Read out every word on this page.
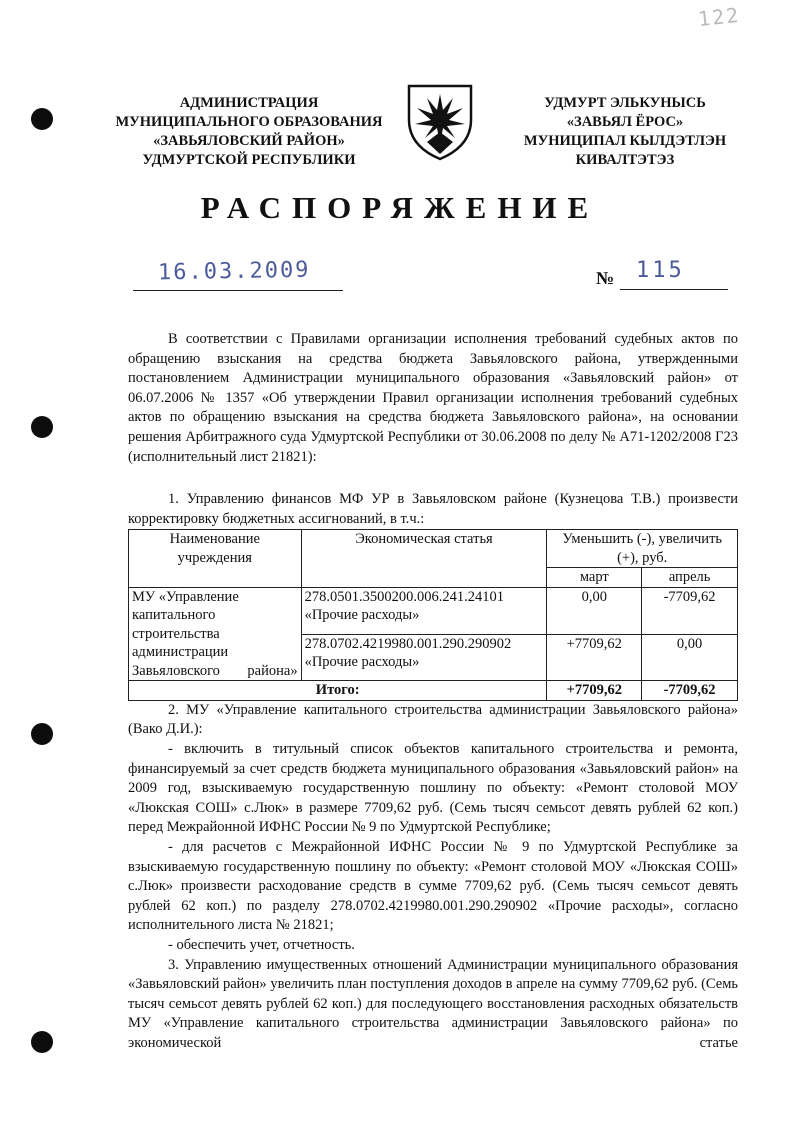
122
АДМИНИСТРАЦИЯ
МУНИЦИПАЛЬНОГО ОБРАЗОВАНИЯ
«ЗАВЬЯЛОВСКИЙ РАЙОН»
УДМУРТСКОЙ РЕСПУБЛИКИ
УДМУРТ ЭЛЬКУНЫСЬ
«ЗАВЬЯЛ ЁРОС»
МУНИЦИПАЛ КЫЛДЭТЛЭН
КИВАЛТЭТЭЗ
РАСПОРЯЖЕНИЕ
16.03.2009	№ 115

В соответствии с Правилами организации исполнения требований судебных актов по обращению взыскания на средства бюджета Завьяловского района, утвержденными постановлением Администрации муниципального образования «Завьяловский район» от 06.07.2006 № 1357 «Об утверждении Правил организации исполнения требований судебных актов по обращению взыскания на средства бюджета Завьяловского района», на основании решения Арбитражного суда Удмуртской Республики от 30.06.2008 по делу № А71-1202/2008 Г23 (исполнительный лист 21821):

1. Управлению финансов МФ УР в Завьяловском районе (Кузнецова Т.В.) произвести корректировку бюджетных ассигнований, в т.ч.:

Наименование учреждения	Экономическая статья	Уменьшить (-), увеличить (+), руб.	
		март	апрель
МУ «Управление капитального строительства администрации Завьяловского района»	278.0501.3500200.006.241.24101 «Прочие расходы»	0,00	-7709,62
	278.0702.4219980.001.290.290902 «Прочие расходы»	+7709,62	0,00
Итого:		+7709,62	-7709,62

2. МУ «Управление капитального строительства администрации Завьяловского района» (Вако Д.И.):

- включить в титульный список объектов капитального строительства и ремонта, финансируемый за счет средств бюджета муниципального образования «Завьяловский район» на 2009 год, взыскиваемую государственную пошлину по объекту: «Ремонт столовой МОУ «Люкская СОШ» с.Люк» в размере 7709,62 руб. (Семь тысяч семьсот девять рублей 62 коп.) перед Межрайонной ИФНС России № 9 по Удмуртской Республике;

- для расчетов с Межрайонной ИФНС России № 9 по Удмуртской Республике за взыскиваемую государственную пошлину по объекту: «Ремонт столовой МОУ «Люкская СОШ» с.Люк» произвести расходование средств в сумме 7709,62 руб. (Семь тысяч семьсот девять рублей 62 коп.) по разделу 278.0702.4219980.001.290.290902 «Прочие расходы», согласно исполнительного листа № 21821;

- обеспечить учет, отчетность.

3. Управлению имущественных отношений Администрации муниципального образования «Завьяловский район» увеличить план поступления доходов в апреле на сумму 7709,62 руб. (Семь тысяч семьсот девять рублей 62 коп.) для последующего восстановления расходных обязательств МУ «Управление капитального строительства администрации Завьяловского района» по экономической статье
